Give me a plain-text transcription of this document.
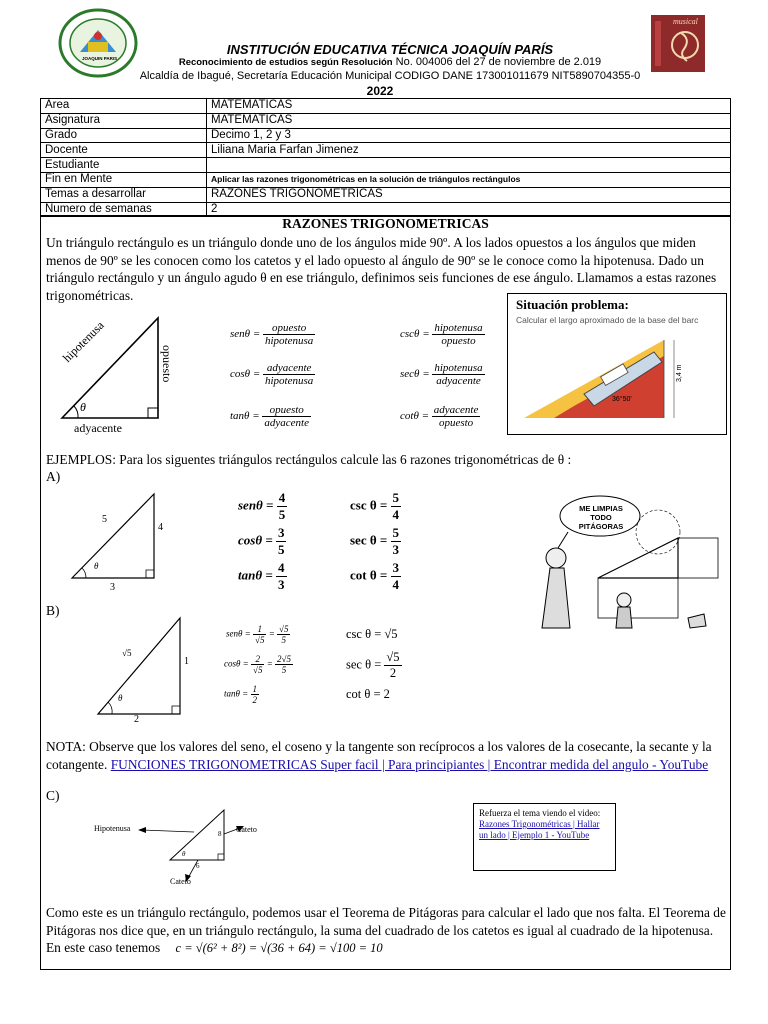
JOAQUIN PARIS
musical
INSTITUCIÓN EDUCATIVA TÉCNICA JOAQUÍN PARÍS
Reconocimiento de estudios según Resolución No. 004006 del 27 de noviembre de 2.019
Alcaldía de Ibagué, Secretaría Educación Municipal CODIGO DANE 173001011679 NIT5890704355-0
2022
Area	MATEMATICAS
Asignatura	MATEMATICAS
Grado	Decimo 1, 2 y 3
Docente	Liliana Maria Farfan Jimenez
Estudiante	
Fin en Mente	Aplicar las razones trigonométricas en la solución de triángulos rectángulos
Temas a desarrollar	RAZONES TRIGONOMETRICAS
Numero de semanas	2
RAZONES TRIGONOMETRICAS
Un triángulo rectángulo es un triángulo donde uno de los ángulos mide 90º. A los lados opuestos a los ángulos que miden menos de 90º se les conocen como los catetos y el lado opuesto al ángulo de 90º se le conoce como la hipotenusa. Dado un triángulo rectángulo y un ángulo agudo θ en ese triángulo, definimos seis funciones de ese ángulo. Llamamos a estas razones trigonométricas.
hipotenusa	opuesto
adyacente
θ
$sen\theta = \frac{\text{opuesto}}{\text{hipotenusa}}$
$\cos\theta = \frac{\text{adyacente}}{\text{hipotenusa}}$
$\tan\theta = \frac{\text{opuesto}}{\text{adyacente}}$
$\csc\theta = \frac{\text{hipotenusa}}{\text{opuesto}}$
$\sec\theta = \frac{\text{hipotenusa}}{\text{adyacente}}$
$\cot\theta = \frac{\text{adyacente}}{\text{opuesto}}$
Situación problema:
Calcular el largo aproximado de la base del barc
36°50'
3,4 m
EJEMPLOS: Para los siguentes triángulos rectángulos calcule las 6 razones trigonométricas de θ :
A)
5
4
3
θ
$sen\theta = \frac{4}{5}$
$\cos\theta = \frac{3}{5}$
$\tan\theta = \frac{4}{3}$
$\csc \theta = \frac{5}{4}$
$\sec \theta = \frac{5}{3}$
$\cot \theta = \frac{3}{4}$
ME LIMPIAS TODO PITÁGORAS
B)
√5
1
2
θ
$sen\theta = \frac{1}{√5} = \frac{√5}{5}$
$\cos\theta = \frac{2}{√5} = \frac{2√5}{5}$
$\tan\theta = \frac{1}{2}$
csc θ = √5
$\sec \theta = \frac{√5}{2}$
cot θ = 2
NOTA: Observe que los valores del seno, el coseno y la tangente son recíprocos a los valores de la cosecante, la secante y la cotangente. FUNCIONES TRIGONOMETRICAS Super facil | Para principiantes | Encontrar medida del angulo - YouTube
C)
Hipotenusa	Cateto
Cateto
8
6
θ
Refuerza el tema viendo el video: Razones Trigonométricas | Hallar un lado | Ejemplo 1 - YouTube
Como este es un triángulo rectángulo, podemos usar el Teorema de Pitágoras para calcular el lado que nos falta. El Teorema de Pitágoras nos dice que, en un triángulo rectángulo, la suma del cuadrado de los catetos es igual al cuadrado de la hipotenusa. En este caso tenemos c = √(6² + 8²) = √(36 + 64) = √100 = 10
